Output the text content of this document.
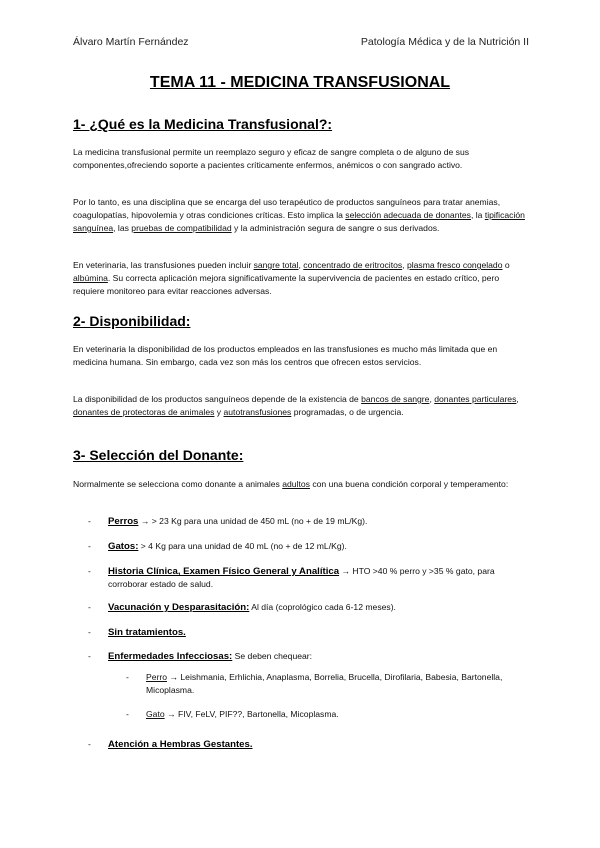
Álvaro Martín Fernández	Patología Médica y de la Nutrición II
TEMA 11 - MEDICINA TRANSFUSIONAL
1- ¿Qué es la Medicina Transfusional?:

La medicina transfusional permite un reemplazo seguro y eficaz de sangre completa o de alguno de sus componentes,ofreciendo soporte a pacientes críticamente enfermos, anémicos o con sangrado activo.

Por lo tanto, es una disciplina que se encarga del uso terapéutico de productos sanguíneos para tratar anemias, coagulopatías, hipovolemia y otras condiciones críticas. Esto implica la selección adecuada de donantes, la tipificación sanguínea, las pruebas de compatibilidad y la administración segura de sangre o sus derivados.

En veterinaria, las transfusiones pueden incluir sangre total, concentrado de eritrocitos, plasma fresco congelado o albúmina. Su correcta aplicación mejora significativamente la supervivencia de pacientes en estado crítico, pero requiere monitoreo para evitar reacciones adversas.

2- Disponibilidad:

En veterinaria la disponibilidad de los productos empleados en las transfusiones es mucho más limitada que en medicina humana. Sin embargo, cada vez son más los centros que ofrecen estos servicios.

La disponibilidad de los productos sanguíneos depende de la existencia de bancos de sangre, donantes particulares, donantes de protectoras de animales y autotransfusiones programadas, o de urgencia.

3- Selección del Donante:

Normalmente se selecciona como donante a animales adultos con una buena condición corporal y temperamento:

- Perros → > 23 Kg para una unidad de 450 mL (no + de 19 mL/Kg).
- Gatos: > 4 Kg para una unidad de 40 mL (no + de 12 mL/Kg).
- Historia Clínica, Examen Físico General y Analítica → HTO >40 % perro y >35 % gato, para corroborar estado de salud.
- Vacunación y Desparasitación: Al día (coprológico cada 6-12 meses).
- Sin tratamientos.
- Enfermedades Infecciosas: Se deben chequear:
- Perro → Leishmania, Erhlichia, Anaplasma, Borrelia, Brucella, Dirofilaria, Babesia, Bartonella, Micoplasma.
- Gato → FIV, FeLV, PIF??, Bartonella, Micoplasma.
- Atención a Hembras Gestantes.
